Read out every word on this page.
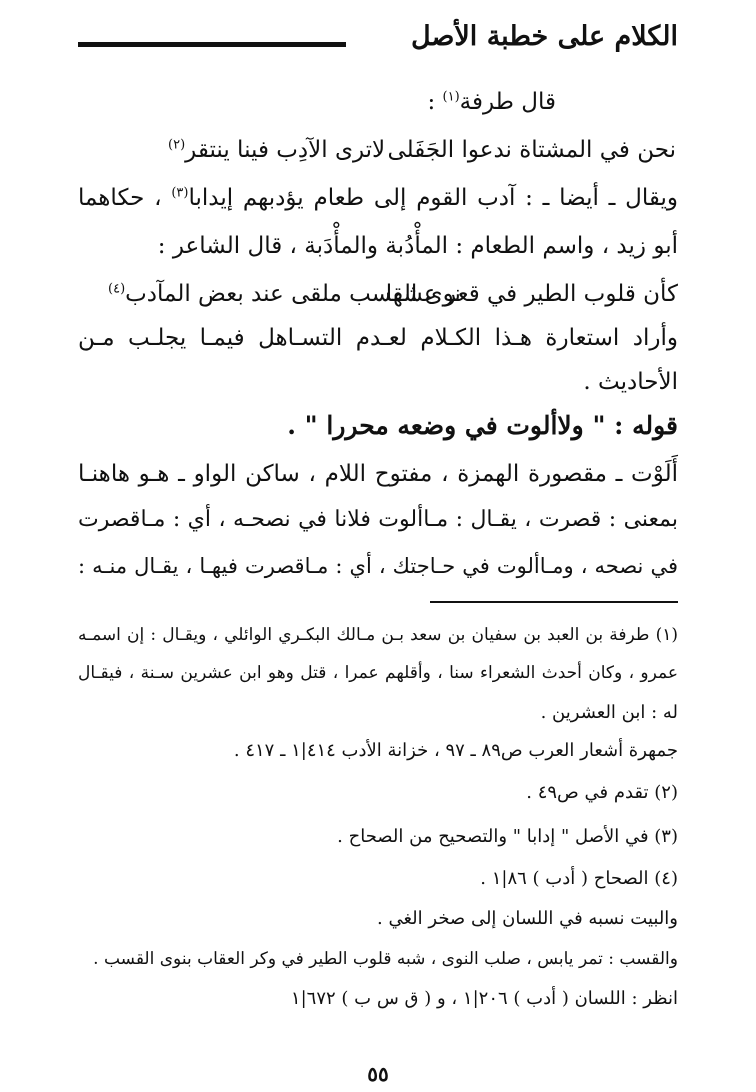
الكلام على خطبة الأصل
قال طرفة$^{(١)}$ :
نحن في المشتاة ندعوا الجَفَلى
لاترى الآدِب فينا ينتقر$^{(٢)}$
ويقال ـ أيضا ـ : آدب القوم إلى طعام يؤدبهم إيدابا$^{(٣)}$ ، حكاهما
أبو زيد ، واسم الطعام : المأْدُبة والمأْدَبة ، قال الشاعر :
كأن قلوب الطير في قعر عشها
نوى القسب ملقى عند بعض المآدب$^{(٤)}$
وأراد استعارة هـذا الكـلام لعـدم التسـاهل فيمـا يجلـب مـن
الأحاديث .
قوله : " ولاألوت في وضعه محررا " .
أَلَوْت ـ مقصورة الهمزة ، مفتوح اللام ، ساكن الواو ـ هـو هاهنـا
بمعنى : قصرت ، يقـال : مـاألوت فلانا في نصحـه ، أي : مـاقصرت
في نصحه ، ومـاألوت في حـاجتك ، أي : مـاقصرت فيهـا ، يقـال منـه :
(١) طرفة بن العبد بن سفيان بن سعد بـن مـالك البكـري الوائلي ، ويقـال : إن اسمـه
عمرو ، وكان أحدث الشعراء سنا ، وأقلهم عمرا ، قتل وهو ابن عشرين سـنة ، فيقـال
له : ابن العشرين .
جمهرة أشعار العرب ص٨٩ ـ ٩٧ ، خزانة الأدب ٤١٤|١ ـ ٤١٧ .
(٢) تقدم في ص٤٩ .
(٣) في الأصل " إدابا " والتصحيح من الصحاح .
(٤) الصحاح ( أدب ) ٨٦|١ .
والبيت نسبه في اللسان إلى صخر الغي .
والقسب : تمر يابس ، صلب النوى ، شبه قلوب الطير في وكر العقاب بنوى القسب .
انظر : اللسان ( أدب ) ٢٠٦|١ ، و ( ق س ب ) ٦٧٢|١
٥٥
